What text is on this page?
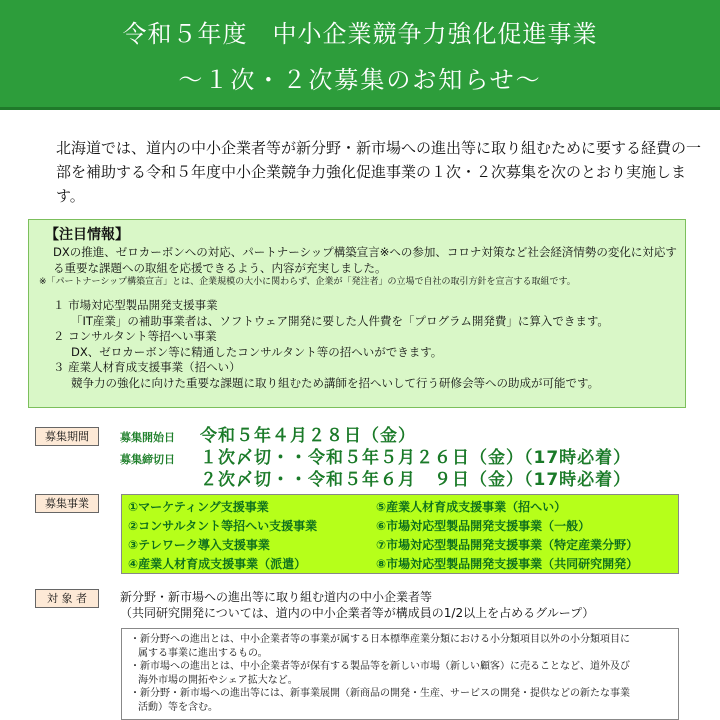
令和５年度　中小企業競争力強化促進事業
～１次・２次募集のお知らせ～

北海道では、道内の中小企業者等が新分野・新市場への進出等に取り組むために要する経費の一部を補助する令和５年度中小企業競争力強化促進事業の１次・２次募集を次のとおり実施します。

【注目情報】
DXの推進、ゼロカーボンへの対応、パートナーシップ構築宣言※への参加、コロナ対策など社会経済情勢の変化に対応する重要な課題への取組を応援できるよう、内容が充実しました。
※「パートナーシップ構築宣言」とは、企業規模の大小に関わらず、企業が「発注者」の立場で自社の取引方針を宣言する取組です。
１ 市場対応型製品開発支援事業
「IT産業」の補助事業者は、ソフトウェア開発に要した人件費を「プログラム開発費」に算入できます。
２ コンサルタント等招へい事業
DX、ゼロカーボン等に精通したコンサルタント等の招へいができます。
３ 産業人材育成支援事業（招へい）
競争力の強化に向けた重要な課題に取り組むため講師を招へいして行う研修会等への助成が可能です。
募集期間	募集開始日	令和５年４月２８日（金）
募集締切日	１次〆切・・令和５年５月２６日（金）（17時必着）
２次〆切・・令和５年６月　９日（金）（17時必着）
募集事業	①マーケティング支援事業	⑤産業人材育成支援事業（招へい）
②コンサルタント等招へい支援事業	⑥市場対応型製品開発支援事業（一般）
③テレワーク導入支援事業	⑦市場対応型製品開発支援事業（特定産業分野）
④産業人材育成支援事業（派遣）	⑧市場対応型製品開発支援事業（共同研究開発）
対 象 者	新分野・新市場への進出等に取り組む道内の中小企業者等
（共同研究開発については、道内の中小企業者等が構成員の1/2以上を占めるグループ）
・新分野への進出とは、中小企業者等の事業が属する日本標準産業分類における小分類項目以外の小分類項目に
属する事業に進出するもの。
・新市場への進出とは、中小企業者等が保有する製品等を新しい市場（新しい顧客）に売ることなど、道外及び
海外市場の開拓やシェア拡大など。
・新分野・新市場への進出等には、新事業展開（新商品の開発・生産、サービスの開発・提供などの新たな事業
活動）等を含む。
